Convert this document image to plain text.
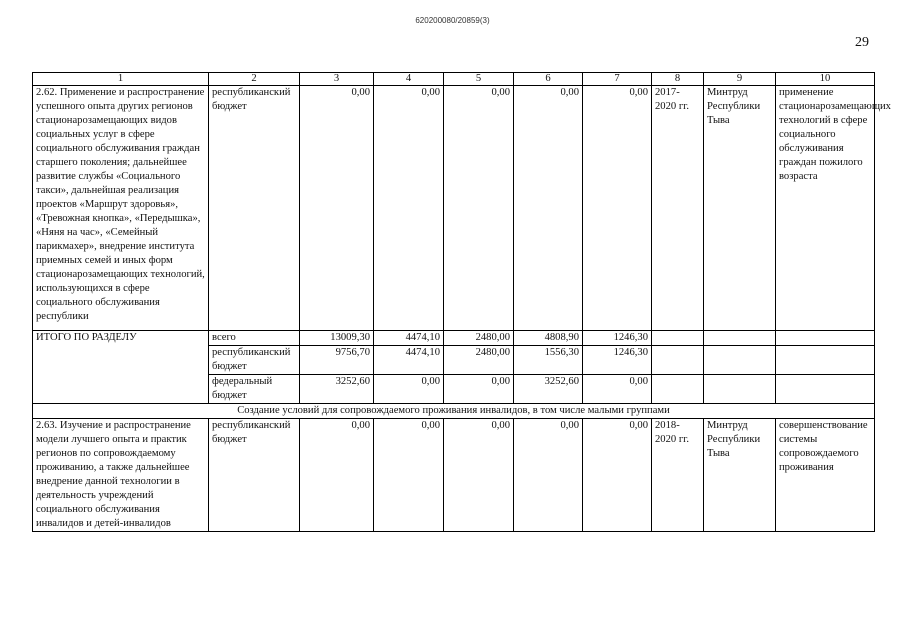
620200080/20859(3)
29
1	2	3	4	5	6	7	8	9	10
2.62. Применение и распространение успешного опыта других регионов стационарозамещающих видов социальных услуг в сфере социального обслуживания граждан старшего поколения; дальнейшее развитие службы «Социального такси», дальнейшая реализация проектов «Маршрут здоровья», «Тревожная кнопка», «Передышка», «Няня на час», «Семейный парикмахер», внедрение института приемных семей и иных форм стационарозамещающих технологий, использующихся в сфере социального обслуживания республики	республиканский бюджет	0,00	0,00	0,00	0,00	0,00	2017-2020 гг.	Минтруд Республики Тыва	применение стационарозамещающих технологий в сфере социального обслуживания граждан пожилого возраста
ИТОГО ПО РАЗДЕЛУ	всего	13009,30	4474,10	2480,00	4808,90	1246,30			
	республиканский бюджет	9756,70	4474,10	2480,00	1556,30	1246,30			
	федеральный бюджет	3252,60	0,00	0,00	3252,60	0,00			
Создание условий для сопровождаемого проживания инвалидов, в том числе малыми группами									
2.63. Изучение и распространение модели лучшего опыта и практик регионов по сопровождаемому проживанию, а также дальнейшее внедрение данной технологии в деятельность учреждений социального обслуживания инвалидов и детей-инвалидов	республиканский бюджет	0,00	0,00	0,00	0,00	0,00	2018-2020 гг.	Минтруд Республики Тыва	совершенствование системы сопровождаемого проживания
